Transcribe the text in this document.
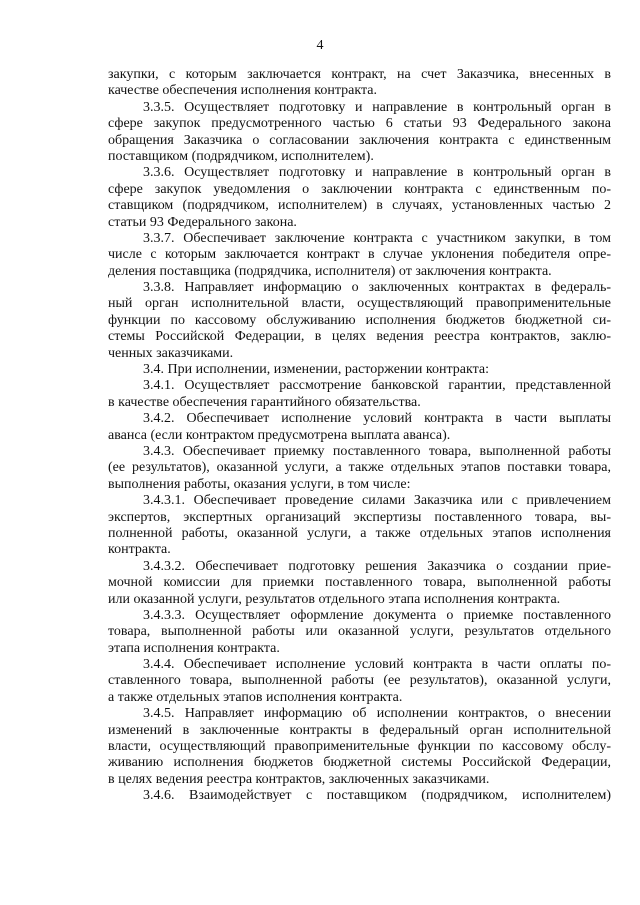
4
закупки, с которым заключается контракт, на счет Заказчика, внесенных в
качестве обеспечения исполнения контракта.
3.3.5. Осуществляет подготовку и направление в контрольный орган в
сфере закупок предусмотренного частью 6 статьи 93 Федерального закона
обращения Заказчика о согласовании заключения контракта с единственным
поставщиком (подрядчиком, исполнителем).
3.3.6. Осуществляет подготовку и направление в контрольный орган в
сфере закупок уведомления о заключении контракта с единственным по-
ставщиком (подрядчиком, исполнителем) в случаях, установленных частью 2
статьи 93 Федерального закона.
3.3.7. Обеспечивает заключение контракта с участником закупки, в том
числе с которым заключается контракт в случае уклонения победителя опре-
деления поставщика (подрядчика, исполнителя) от заключения контракта.
3.3.8. Направляет информацию о заключенных контрактах в федераль-
ный орган исполнительной власти, осуществляющий правоприменительные
функции по кассовому обслуживанию исполнения бюджетов бюджетной си-
стемы Российской Федерации, в целях ведения реестра контрактов, заклю-
ченных заказчиками.
3.4. При исполнении, изменении, расторжении контракта:
3.4.1. Осуществляет рассмотрение банковской гарантии, представленной
в качестве обеспечения гарантийного обязательства.
3.4.2. Обеспечивает исполнение условий контракта в части выплаты
аванса (если контрактом предусмотрена выплата аванса).
3.4.3. Обеспечивает приемку поставленного товара, выполненной работы
(ее результатов), оказанной услуги, а также отдельных этапов поставки товара,
выполнения работы, оказания услуги, в том числе:
3.4.3.1. Обеспечивает проведение силами Заказчика или с привлечением
экспертов, экспертных организаций экспертизы поставленного товара, вы-
полненной работы, оказанной услуги, а также отдельных этапов исполнения
контракта.
3.4.3.2. Обеспечивает подготовку решения Заказчика о создании прие-
мочной комиссии для приемки поставленного товара, выполненной работы
или оказанной услуги, результатов отдельного этапа исполнения контракта.
3.4.3.3. Осуществляет оформление документа о приемке поставленного
товара, выполненной работы или оказанной услуги, результатов отдельного
этапа исполнения контракта.
3.4.4. Обеспечивает исполнение условий контракта в части оплаты по-
ставленного товара, выполненной работы (ее результатов), оказанной услуги,
а также отдельных этапов исполнения контракта.
3.4.5. Направляет информацию об исполнении контрактов, о внесении
изменений в заключенные контракты в федеральный орган исполнительной
власти, осуществляющий правоприменительные функции по кассовому обслу-
живанию исполнения бюджетов бюджетной системы Российской Федерации,
в целях ведения реестра контрактов, заключенных заказчиками.
3.4.6. Взаимодействует с поставщиком (подрядчиком, исполнителем)
